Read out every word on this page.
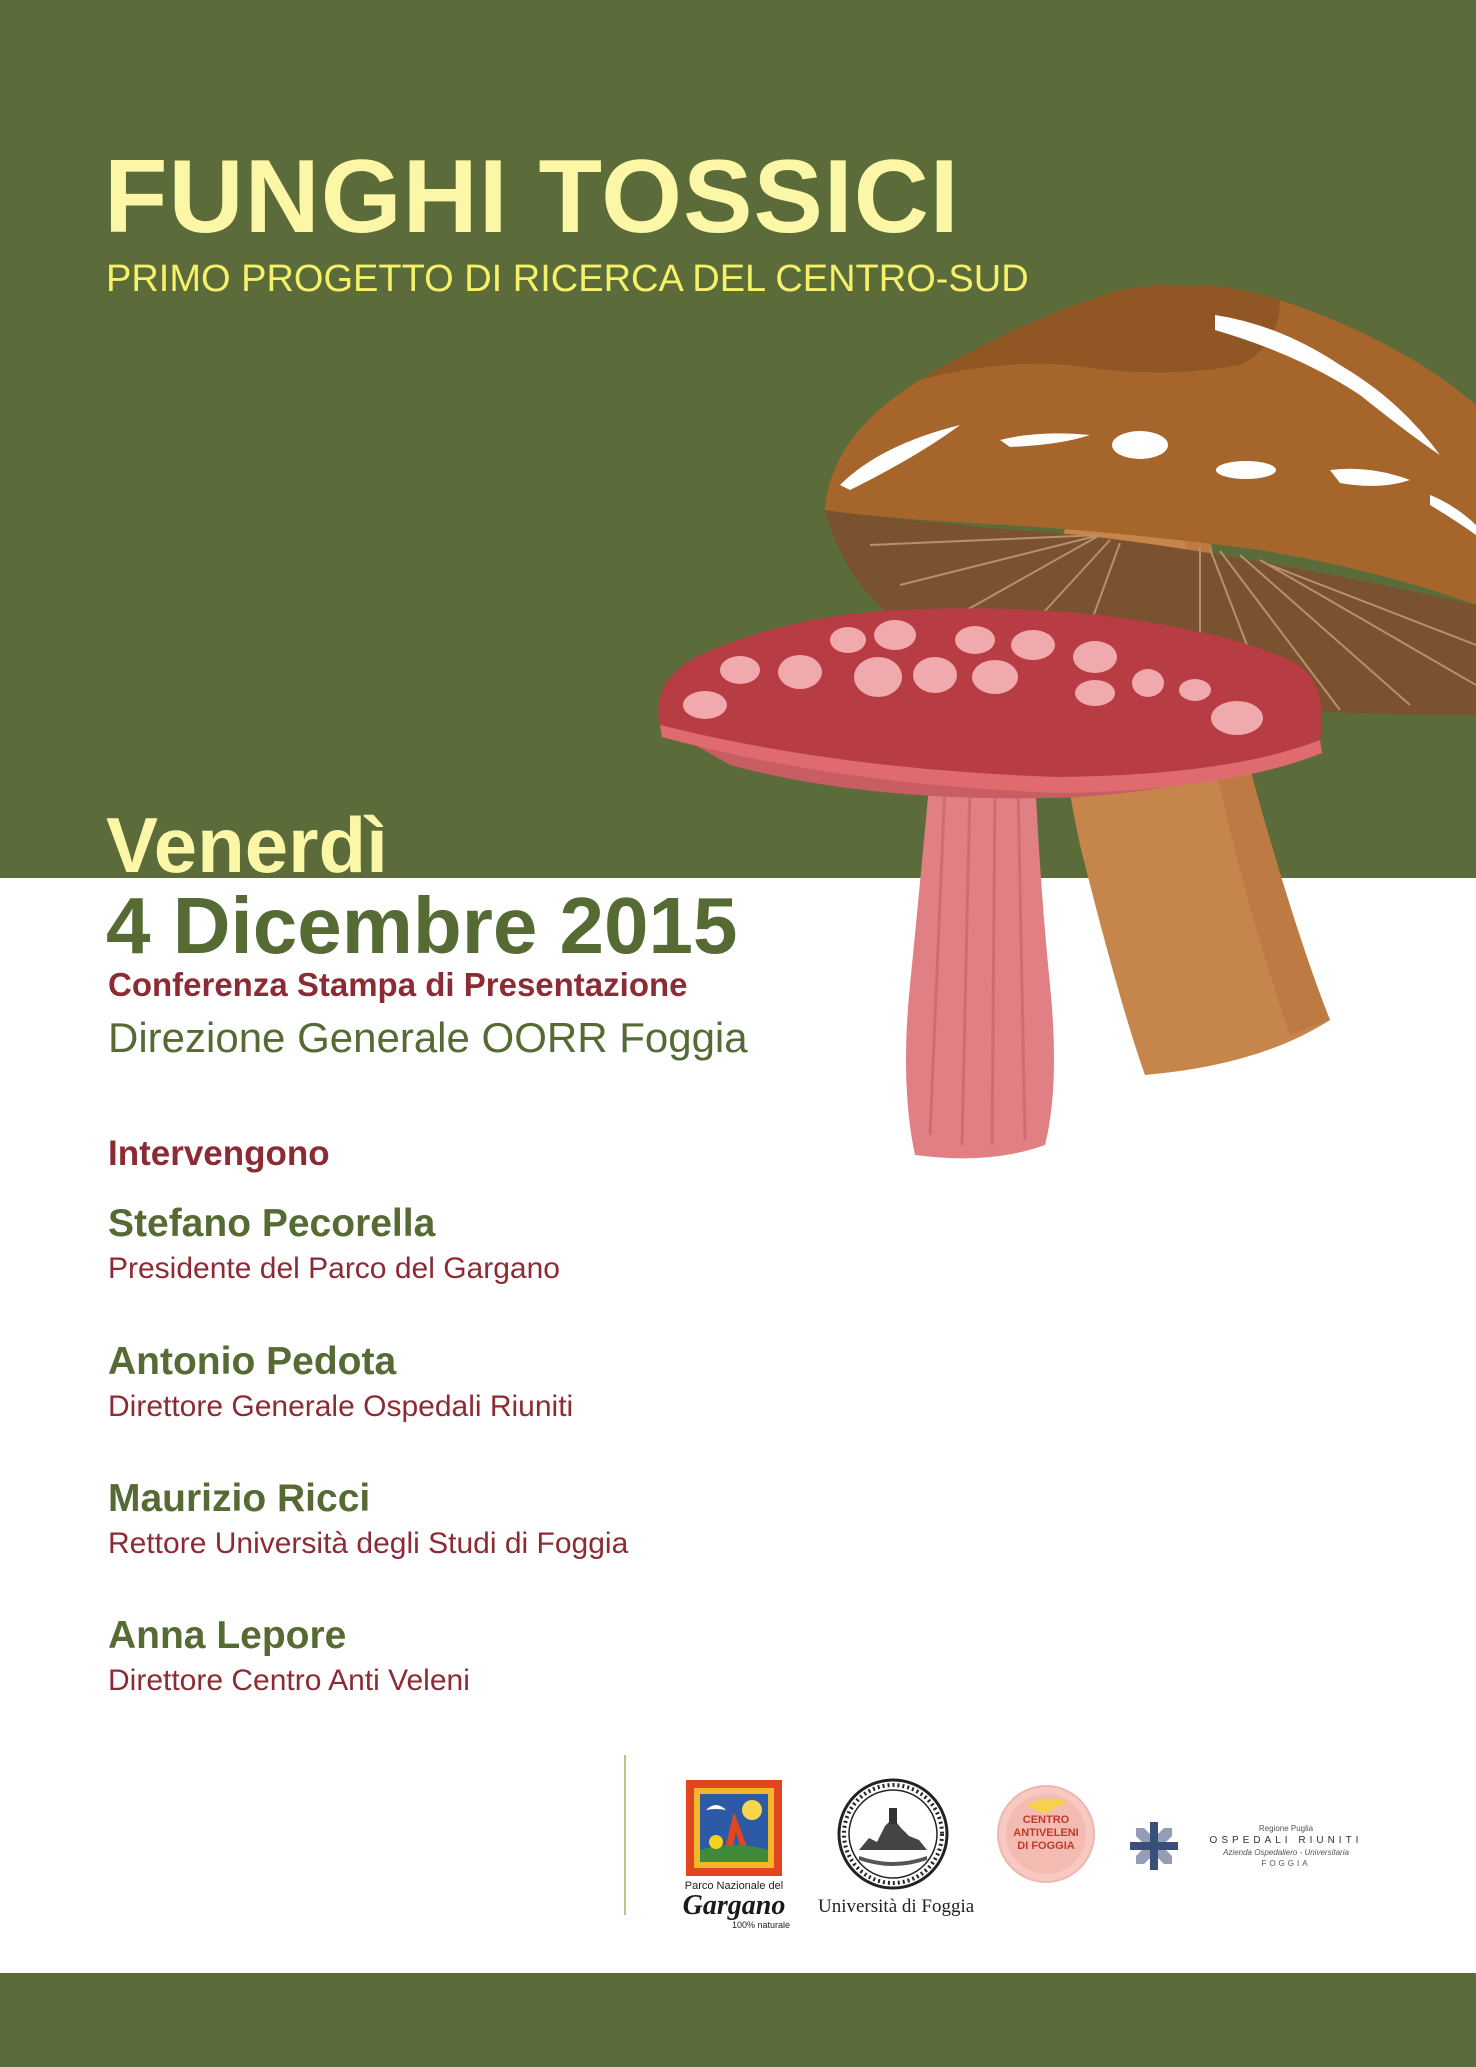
FUNGHI TOSSICI
PRIMO PROGETTO DI RICERCA DEL CENTRO-SUD
Venerdì
4 Dicembre 2015
Conferenza Stampa di Presentazione
Direzione Generale OORR Foggia
Intervengono
Stefano Pecorella
Presidente del Parco del Gargano
Antonio Pedota
Direttore Generale Ospedali Riuniti
Maurizio Ricci
Rettore Università degli Studi di Foggia
Anna Lepore
Direttore Centro Anti Veleni
Parco Nazionale del
Gargano
100% naturale
Università di Foggia
CENTRO ANTIVELENI DI FOGGIA
Regione Puglia
OSPEDALI RIUNITI
Azienda Ospedaliero - Universitaria
FOGGIA
